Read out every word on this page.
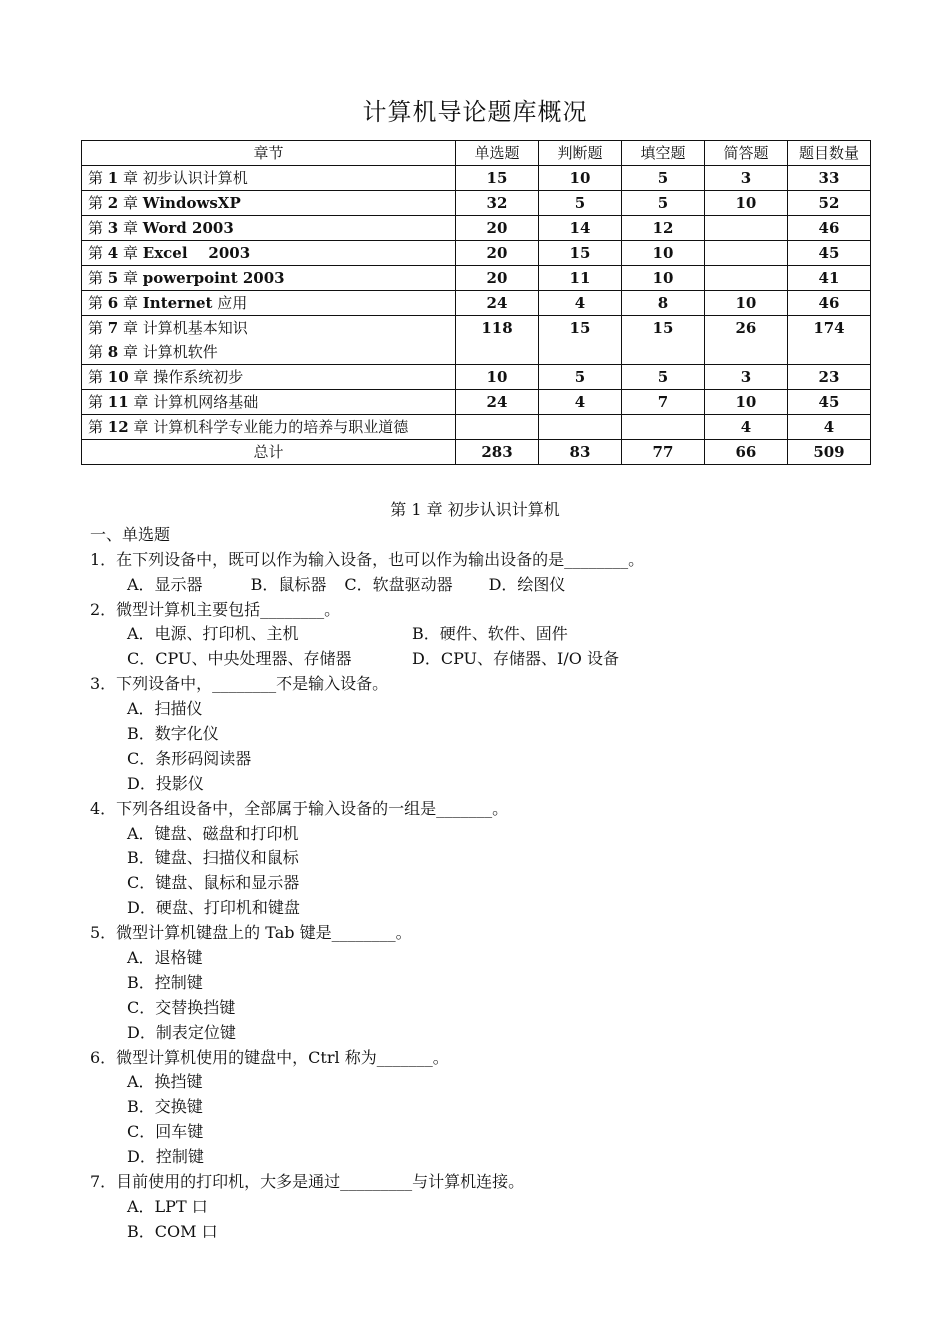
计算机导论题库概况
章节	单选题	判断题	填空题	简答题	题目数量

第 1 章 初步认识计算机	15	10	5	3	33

第 2 章 WindowsXP	32	5	5	10	52

第 3 章 Word 2003	20	14	12		46

第 4 章 Excel    2003	20	15	10		45

第 5 章 powerpoint 2003	20	11	10		41

第 6 章 Internet 应用	24	4	8	10	46

第 7 章 计算机基本知识
第 8 章 计算机软件	118	15	15	26	174

第 10 章 操作系统初步	10	5	5	3	23

第 11 章 计算机网络基础	24	4	7	10	45

第 12 章 计算机科学专业能力的培养与职业道德				4	4
总计	283	83	77	66	509
第 1 章 初步认识计算机
一、单选题
1．在下列设备中，既可以作为输入设备，也可以作为输出设备的是________。
A．显示器	B．鼠标器 C．软盘驱动器 D．绘图仪
2．微型计算机主要包括________。
A．电源、打印机、主机	B．硬件、软件、固件
C．CPU、中央处理器、存储器	D．CPU、存储器、I/O 设备
3．下列设备中，________不是输入设备。
A．扫描仪
B．数字化仪
C．条形码阅读器
D．投影仪
4．下列各组设备中，全部属于输入设备的一组是_______。
A．键盘、磁盘和打印机
B．键盘、扫描仪和鼠标
C．键盘、鼠标和显示器
D．硬盘、打印机和键盘
5．微型计算机键盘上的 Tab 键是________。
A．退格键
B．控制键
C．交替换挡键
D．制表定位键
6．微型计算机使用的键盘中，Ctrl 称为_______。
A．换挡键
B．交换键
C．回车键
D．控制键
7．目前使用的打印机，大多是通过_________与计算机连接。
A．LPT 口
B．COM 口
